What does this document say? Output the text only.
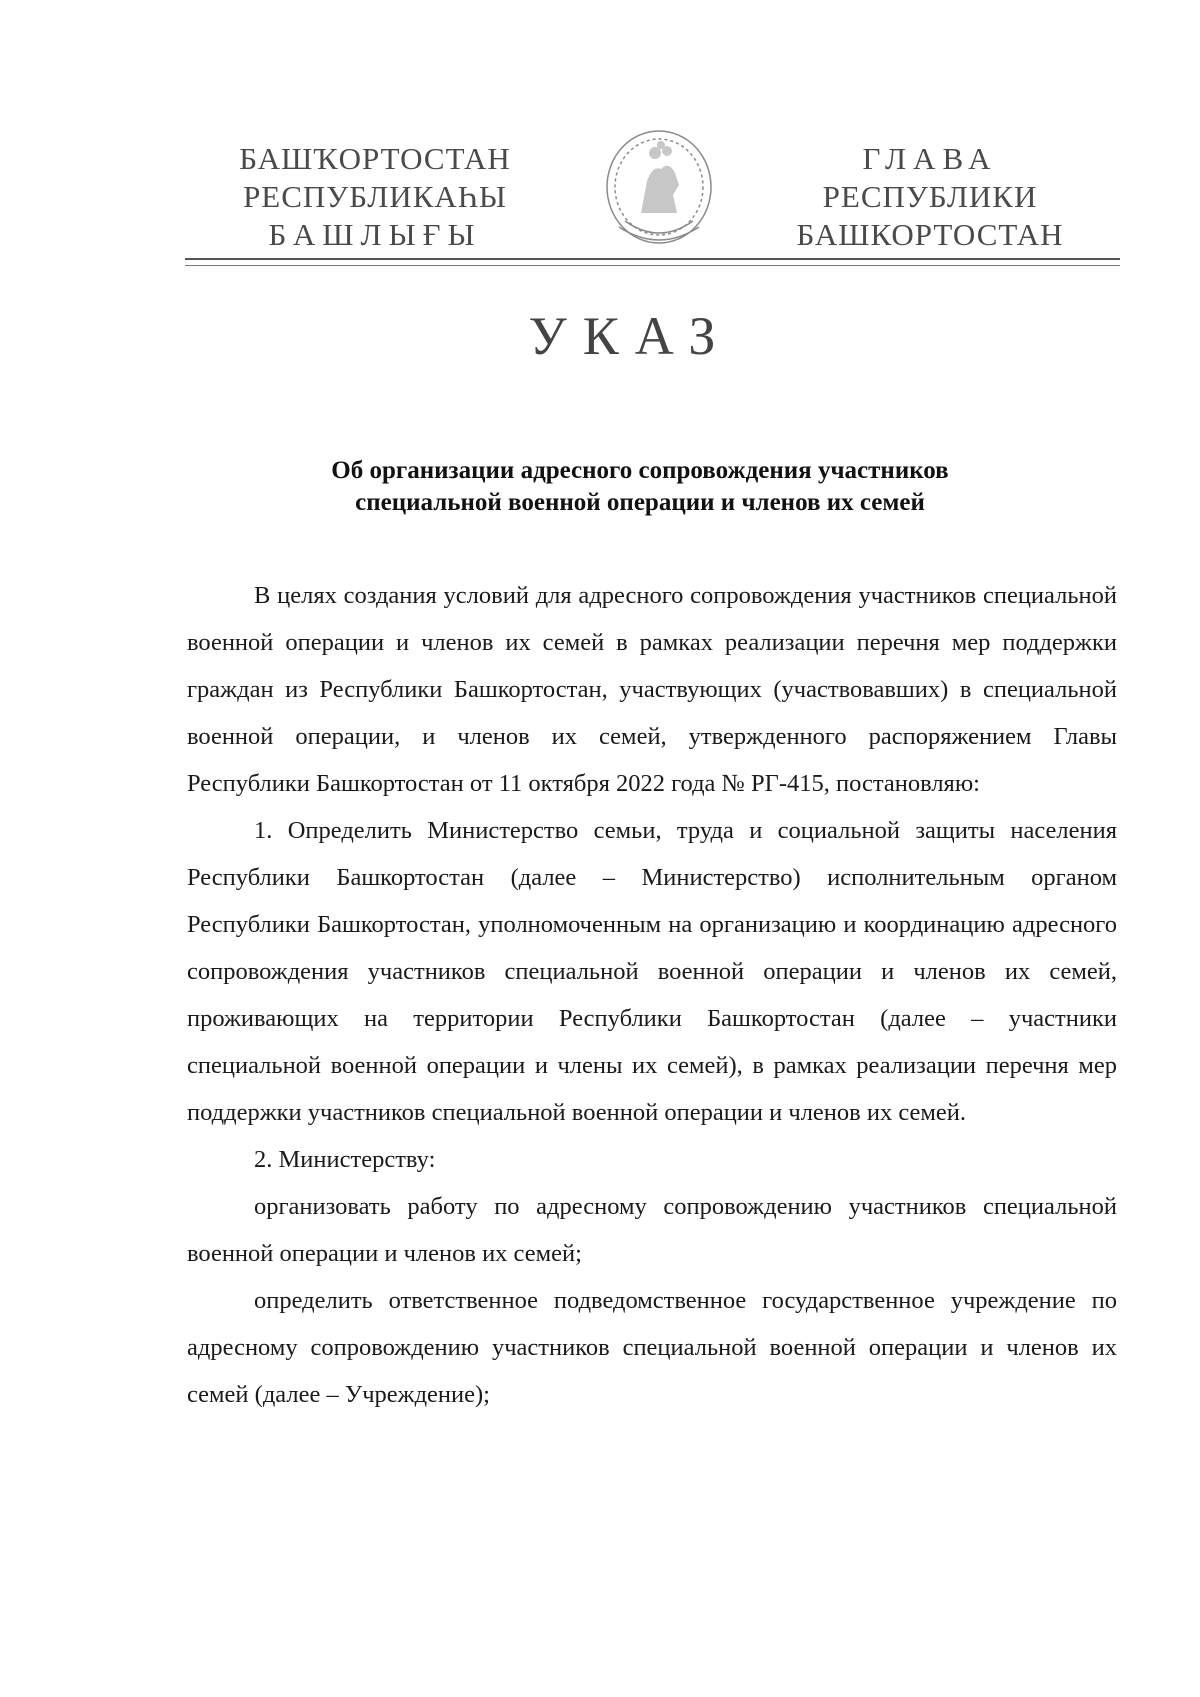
БАШҠОРТОСТАН
РЕСПУБЛИКАҺЫ
БАШЛЫҒЫ
ГЛАВА
РЕСПУБЛИКИ
БАШКОРТОСТАН
УКАЗ
Об организации адресного сопровождения участников
специальной военной операции и членов их семей

В целях создания условий для адресного сопровождения участников специальной военной операции и членов их семей в рамках реализации перечня мер поддержки граждан из Республики Башкортостан, участвующих (участвовавших) в специальной военной операции, и членов их семей, утвержденного распоряжением Главы Республики Башкортостан от 11 октября 2022 года № РГ-415, постановляю:

1. Определить Министерство семьи, труда и социальной защиты населения Республики Башкортостан (далее – Министерство) исполнительным органом Республики Башкортостан, уполномоченным на организацию и координацию адресного сопровождения участников специальной военной операции и членов их семей, проживающих на территории Республики Башкортостан (далее – участники специальной военной операции и члены их семей), в рамках реализации перечня мер поддержки участников специальной военной операции и членов их семей.

2. Министерству:

организовать работу по адресному сопровождению участников специальной военной операции и членов их семей;

определить ответственное подведомственное государственное учреждение по адресному сопровождению участников специальной военной операции и членов их семей (далее – Учреждение);
